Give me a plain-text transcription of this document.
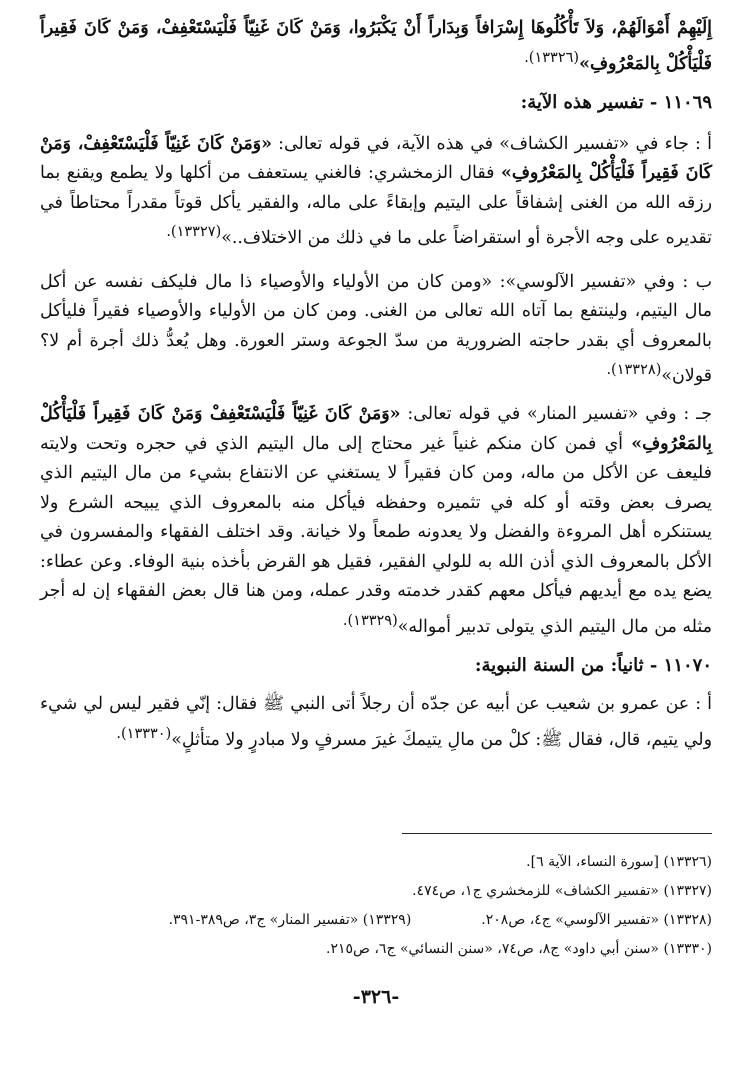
إِلَيْهِمْ أَمْوَالَهُمْ، وَلاَ تَأْكُلُوهَا إِسْرَافاً وَبِدَاراً أَنْ يَكْبَرُوا، وَمَنْ كَانَ غَنِيّاً فَلْيَسْتَعْفِفْ، وَمَنْ كَانَ فَقِيراً فَلْيَأْكُلْ بِالمَعْرُوفِ»$^{(١٣٣٢٦).}$

١١٠٦٩ - تفسير هذه الآية:

أ : جاء في «تفسير الكشاف» في هذه الآية، في قوله تعالى: «وَمَنْ كَانَ غَنِيّاً فَلْيَسْتَعْفِفْ، وَمَنْ كَانَ فَقِيراً فَلْيَأْكُلْ بِالمَعْرُوفِ» فقال الزمخشري: فالغني يستعفف من أكلها ولا يطمع ويقنع بما رزقه الله من الغنى إشفاقاً على اليتيم وإبقاءً على ماله، والفقير يأكل قوتاً مقدراً محتاطاً في تقديره على وجه الأجرة أو استقراضاً على ما في ذلك من الاختلاف..»$^{(١٣٣٢٧).}$

ب : وفي «تفسير الآلوسي»: «ومن كان من الأولياء والأوصياء ذا مال فليكف نفسه عن أكل مال اليتيم، ولينتفع بما آتاه الله تعالى من الغنى. ومن كان من الأولياء والأوصياء فقيراً فليأكل بالمعروف أي بقدر حاجته الضرورية من سدّ الجوعة وستر العورة. وهل يُعدُّ ذلك أجرة أم لا؟ قولان»$^{(١٣٣٢٨).}$

جـ : وفي «تفسير المنار» في قوله تعالى: «وَمَنْ كَانَ غَنِيّاً فَلْيَسْتَعْفِفْ وَمَنْ كَانَ فَقِيراً فَلْيَأْكُلْ بِالمَعْرُوفِ» أي فمن كان منكم غنياً غير محتاج إلى مال اليتيم الذي في حجره وتحت ولايته فليعف عن الأكل من ماله، ومن كان فقيراً لا يستغني عن الانتفاع بشيء من مال اليتيم الذي يصرف بعض وقته أو كله في تثميره وحفظه فيأكل منه بالمعروف الذي يبيحه الشرع ولا يستنكره أهل المروءة والفضل ولا يعدونه طمعاً ولا خيانة. وقد اختلف الفقهاء والمفسرون في الأكل بالمعروف الذي أذن الله به للولي الفقير، فقيل هو القرض بأخذه بنية الوفاء. وعن عطاء: يضع يده مع أيديهم فيأكل معهم كقدر خدمته وقدر عمله، ومن هنا قال بعض الفقهاء إن له أجر مثله من مال اليتيم الذي يتولى تدبير أمواله»$^{(١٣٣٢٩).}$

١١٠٧٠ - ثانياً: من السنة النبوية:

أ : عن عمرو بن شعيب عن أبيه عن جدّه أن رجلاً أتى النبي ﷺ فقال: إنّي فقير ليس لي شيء ولي يتيم، قال، فقال ﷺ: كلْ من مالِ يتيمكَ غيرَ مسرفٍ ولا مبادرٍ ولا متأثلٍ»$^{(١٣٣٣٠).}$

(١٣٣٢٦) [سورة النساء، الآية ٦].
(١٣٣٢٧) «تفسير الكشاف» للزمخشري ج١، ص٤٧٤.
(١٣٣٢٨) «تفسير الآلوسي» ج٤، ص٢٠٨.
(١٣٣٢٩) «تفسير المنار» ج٣، ص٣٨٩-٣٩١.
(١٣٣٣٠) «سنن أبي داود» ج٨، ص٧٤، «سنن النسائي» ج٦، ص٢١٥.
-٣٢٦-
